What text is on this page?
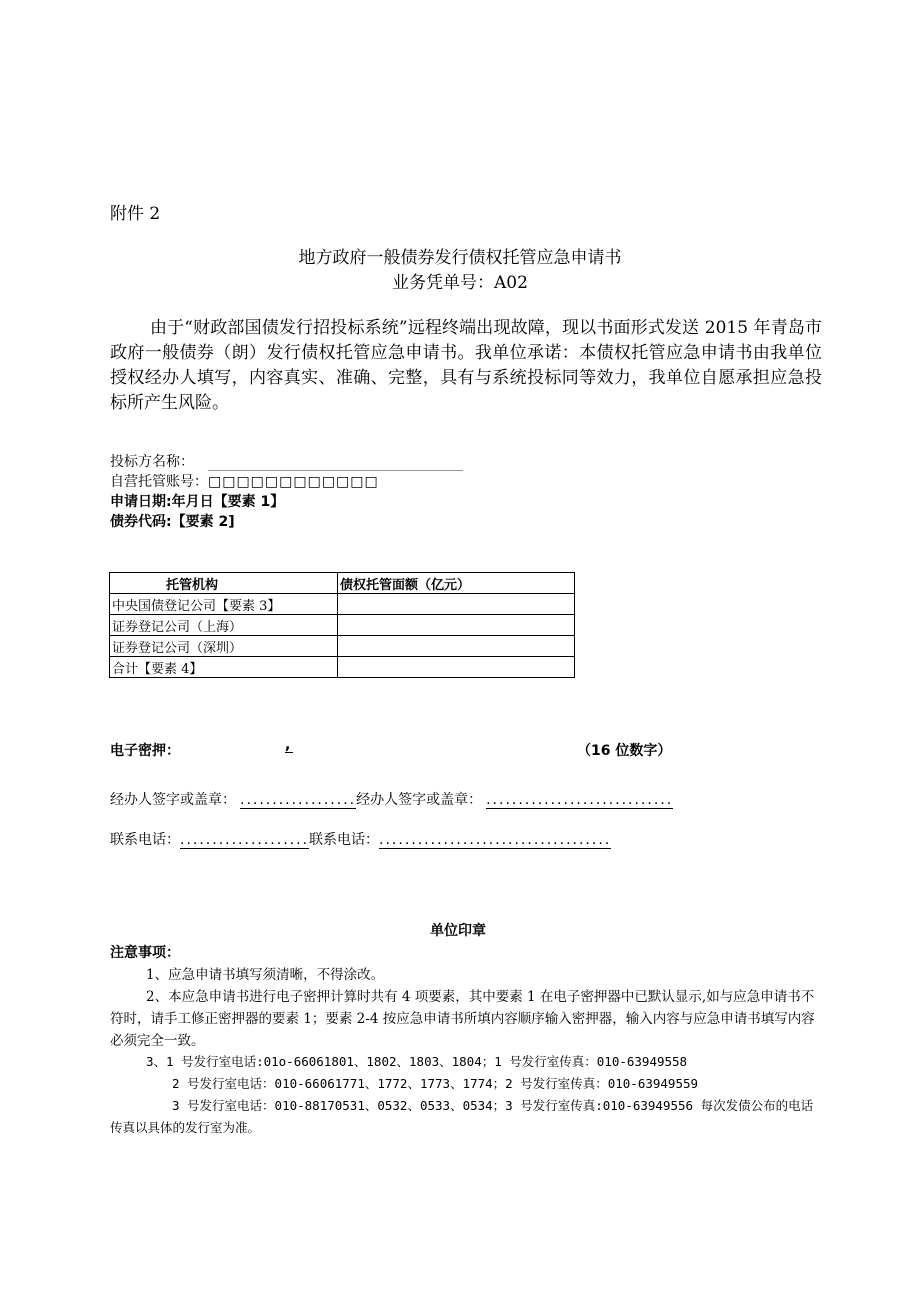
附件 2
地方政府一般债券发行债权托管应急申请书
业务凭单号：A02
由于“财政部国债发行招投标系统”远程终端出现故障，现以书面形式发送 2015 年青岛市政府一般债券（朗）发行债权托管应急申请书。我单位承诺：本债权托管应急申请书由我单位授权经办人填写，内容真实、准确、完整，具有与系统投标同等效力，我单位自愿承担应急投标所产生风险。
投标方名称：
自营托管账号：□□□□□□□□□□□□
申请日期:年月日【要素 1】
债券代码:【要素 2]
托管机构	债权托管面额（亿元）
中央国债登记公司【要素 3】	
证券登记公司（上海）	
证券登记公司（深圳）	
合计【要素 4】	
电子密押：	,	（16 位数字）
经办人签字或盖章： ..................经办人签字或盖章： .............................
联系电话：....................联系电话：....................................
单位印章
注意事项：
1、应急申请书填写须清晰，不得涂改。
2、本应急申请书进行电子密押计算时共有 4 项要素，其中要素 1 在电子密押器中已默认显示,如与应急申请书不符时，请手工修正密押器的要素 1；要素 2-4 按应急申请书所填内容顺序输入密押器，输入内容与应急申请书填写内容必须完全一致。
3、1 号发行室电话:01o-66061801、1802、1803、1804；1 号发行室传真：010-63949558
2 号发行室电话：010-66061771、1772、1773、1774；2 号发行室传真：010-63949559
3 号发行室电话：010-88170531、0532、0533、0534；3 号发行室传真:010-63949556 每次发债公布的电话传真以具体的发行室为准。
